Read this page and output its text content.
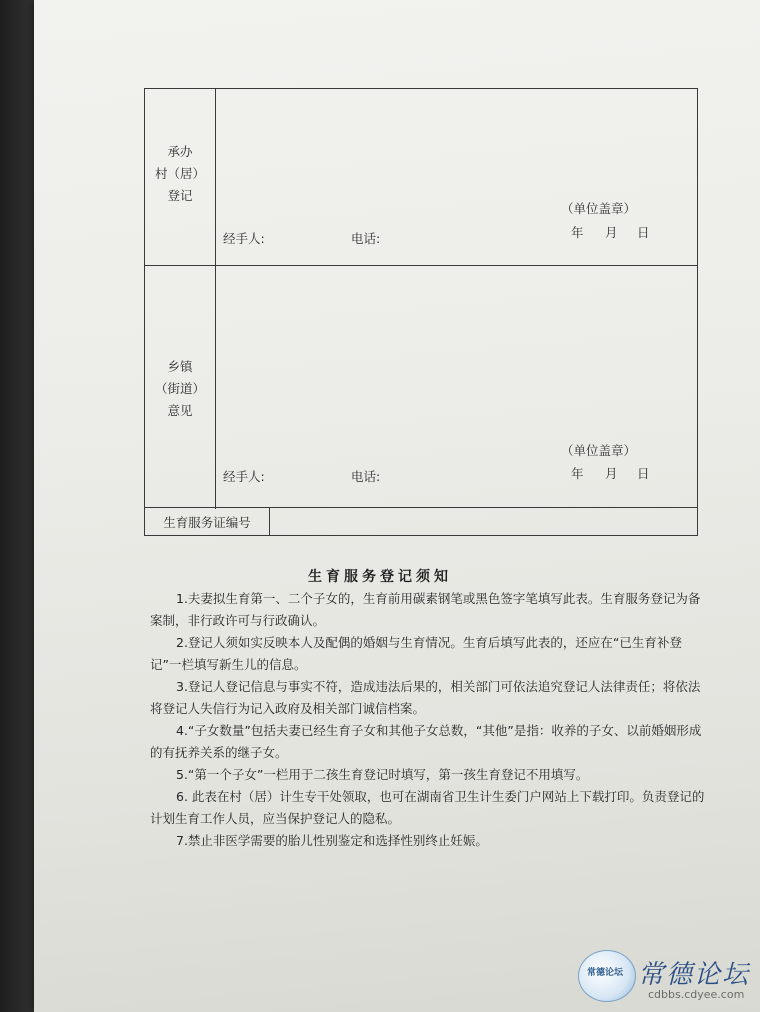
承办
村（居）
登记
（单位盖章）
经手人:	电话:	年 月 日
乡镇
（街道）
意见
（单位盖章）
经手人:	电话:	年 月 日
生育服务证编号
生育服务登记须知

1.夫妻拟生育第一、二个子女的，生育前用碳素钢笔或黑色签字笔填写此表。生育服务登记为备案制，非行政许可与行政确认。

2.登记人须如实反映本人及配偶的婚姻与生育情况。生育后填写此表的，还应在“已生育补登记”一栏填写新生儿的信息。

3.登记人登记信息与事实不符，造成违法后果的，相关部门可依法追究登记人法律责任；将依法将登记人失信行为记入政府及相关部门诚信档案。

4.“子女数量”包括夫妻已经生育子女和其他子女总数，“其他”是指：收养的子女、以前婚姻形成的有抚养关系的继子女。

5.“第一个子女”一栏用于二孩生育登记时填写，第一孩生育登记不用填写。

6. 此表在村（居）计生专干处领取，也可在湖南省卫生计生委门户网站上下载打印。负责登记的计划生育工作人员，应当保护登记人的隐私。

7.禁止非医学需要的胎儿性别鉴定和选择性别终止妊娠。

常德论坛 常德论坛
cdbbs.cdyee.com
